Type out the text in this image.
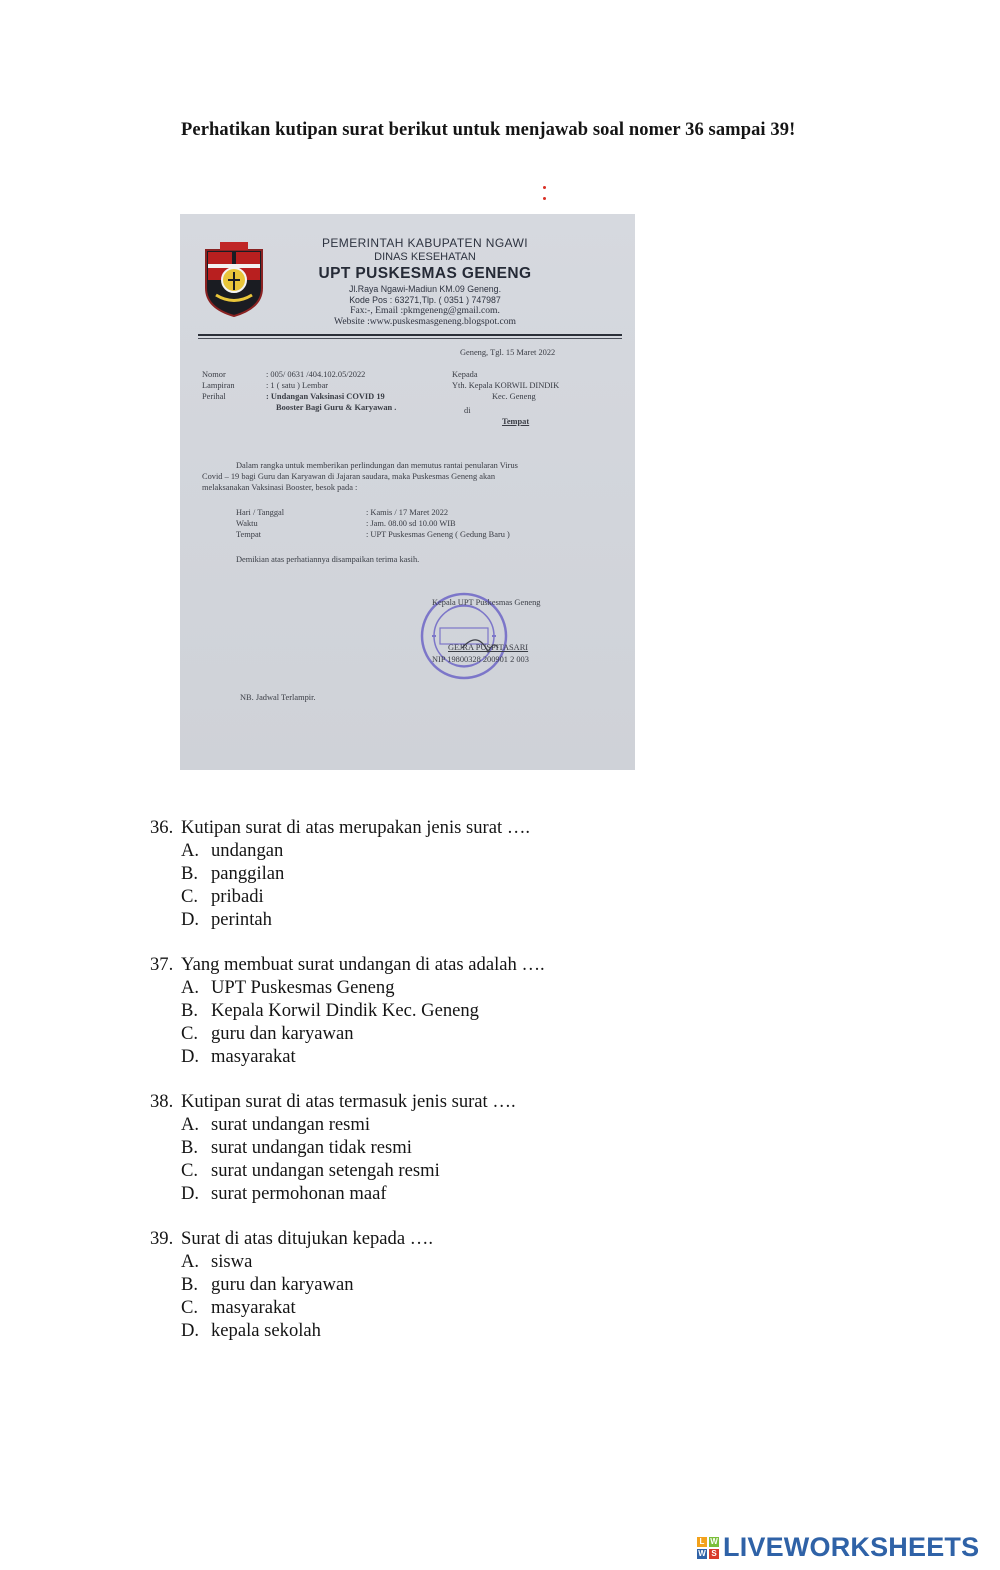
Perhatikan kutipan surat berikut untuk menjawab soal nomer 36 sampai 39!
PEMERINTAH KABUPATEN NGAWI
DINAS KESEHATAN
UPT PUSKESMAS GENENG
Jl.Raya Ngawi-Madiun KM.09 Geneng.
Kode Pos : 63271,Tlp. ( 0351 ) 747987
Fax:-, Email :pkmgeneng@gmail.com.
Website :www.puskesmasgeneng.blogspot.com
Geneng, Tgl. 15 Maret 2022
Nomor	: 005/ 0631 /404.102.05/2022
Lampiran	: 1 ( satu ) Lembar
Perihal	: Undangan Vaksinasi COVID 19
Booster Bagi Guru & Karyawan .
Kepada
Yth. Kepala KORWIL DINDIK
Kec. Geneng
di
Tempat

Dalam rangka untuk memberikan perlindungan dan memutus rantai penularan Virus

Covid – 19 bagi Guru dan Karyawan di Jajaran saudara, maka Puskesmas Geneng akan

melaksanakan Vaksinasi Booster, besok pada :

Hari / Tanggal	: Kamis / 17 Maret 2022
Waktu	: Jam. 08.00 sd 10.00 WIB
Tempat	: UPT Puskesmas Geneng ( Gedung Baru )
Demikian atas perhatiannya disampaikan terima kasih.
Kepala UPT Puskesmas Geneng
GEJRA PUSPITASARI
NIP 19800328 200901 2 003
NB. Jadwal Terlampir.
36. Kutipan surat di atas merupakan jenis surat ….
A. undangan
B. panggilan
C. pribadi
D. perintah
37. Yang membuat surat undangan di atas adalah ….
A. UPT Puskesmas Geneng
B. Kepala Korwil Dindik Kec. Geneng
C. guru dan karyawan
D. masyarakat
38. Kutipan surat di atas termasuk jenis surat ….
A. surat undangan resmi
B. surat undangan tidak resmi
C. surat undangan setengah resmi
D. surat permohonan maaf
39. Surat di atas ditujukan kepada ….
A. siswa
B. guru dan karyawan
C. masyarakat
D. kepala sekolah
L W
W S LIVEWORKSHEETS
